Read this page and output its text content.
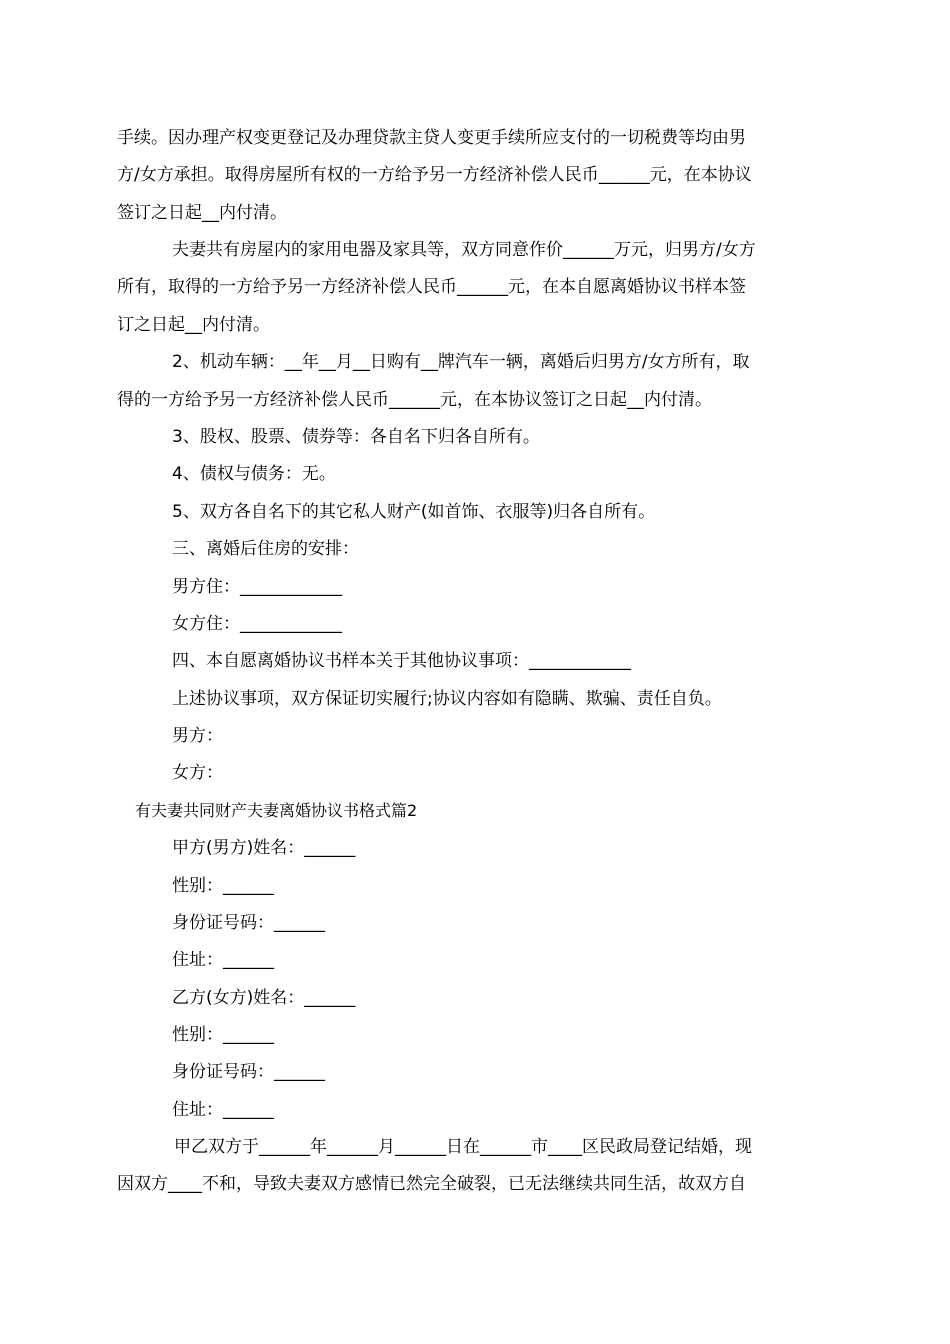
手续。因办理产权变更登记及办理贷款主贷人变更手续所应支付的一切税费等均由男
方/女方承担。取得房屋所有权的一方给予另一方经济补偿人民币______元，在本协议
签订之日起__内付清。
夫妻共有房屋内的家用电器及家具等，双方同意作价______万元，归男方/女方
所有，取得的一方给予另一方经济补偿人民币______元，在本自愿离婚协议书样本签
订之日起__内付清。
2、机动车辆：__年__月__日购有__牌汽车一辆，离婚后归男方/女方所有，取
得的一方给予另一方经济补偿人民币______元，在本协议签订之日起__内付清。
3、股权、股票、债券等：各自名下归各自所有。
4、债权与债务：无。
5、双方各自名下的其它私人财产(如首饰、衣服等)归各自所有。
三、离婚后住房的安排：
男方住：____________
女方住：____________
四、本自愿离婚协议书样本关于其他协议事项：____________
上述协议事项，双方保证切实履行;协议内容如有隐瞒、欺骗、责任自负。
男方：
女方：
有夫妻共同财产夫妻离婚协议书格式篇2
甲方(男方)姓名：______
性别：______
身份证号码：______
住址：______
乙方(女方)姓名：______
性别：______
身份证号码：______
住址：______
甲乙双方于______年______月______日在______市____区民政局登记结婚，现
因双方____不和，导致夫妻双方感情已然完全破裂，已无法继续共同生活，故双方自
